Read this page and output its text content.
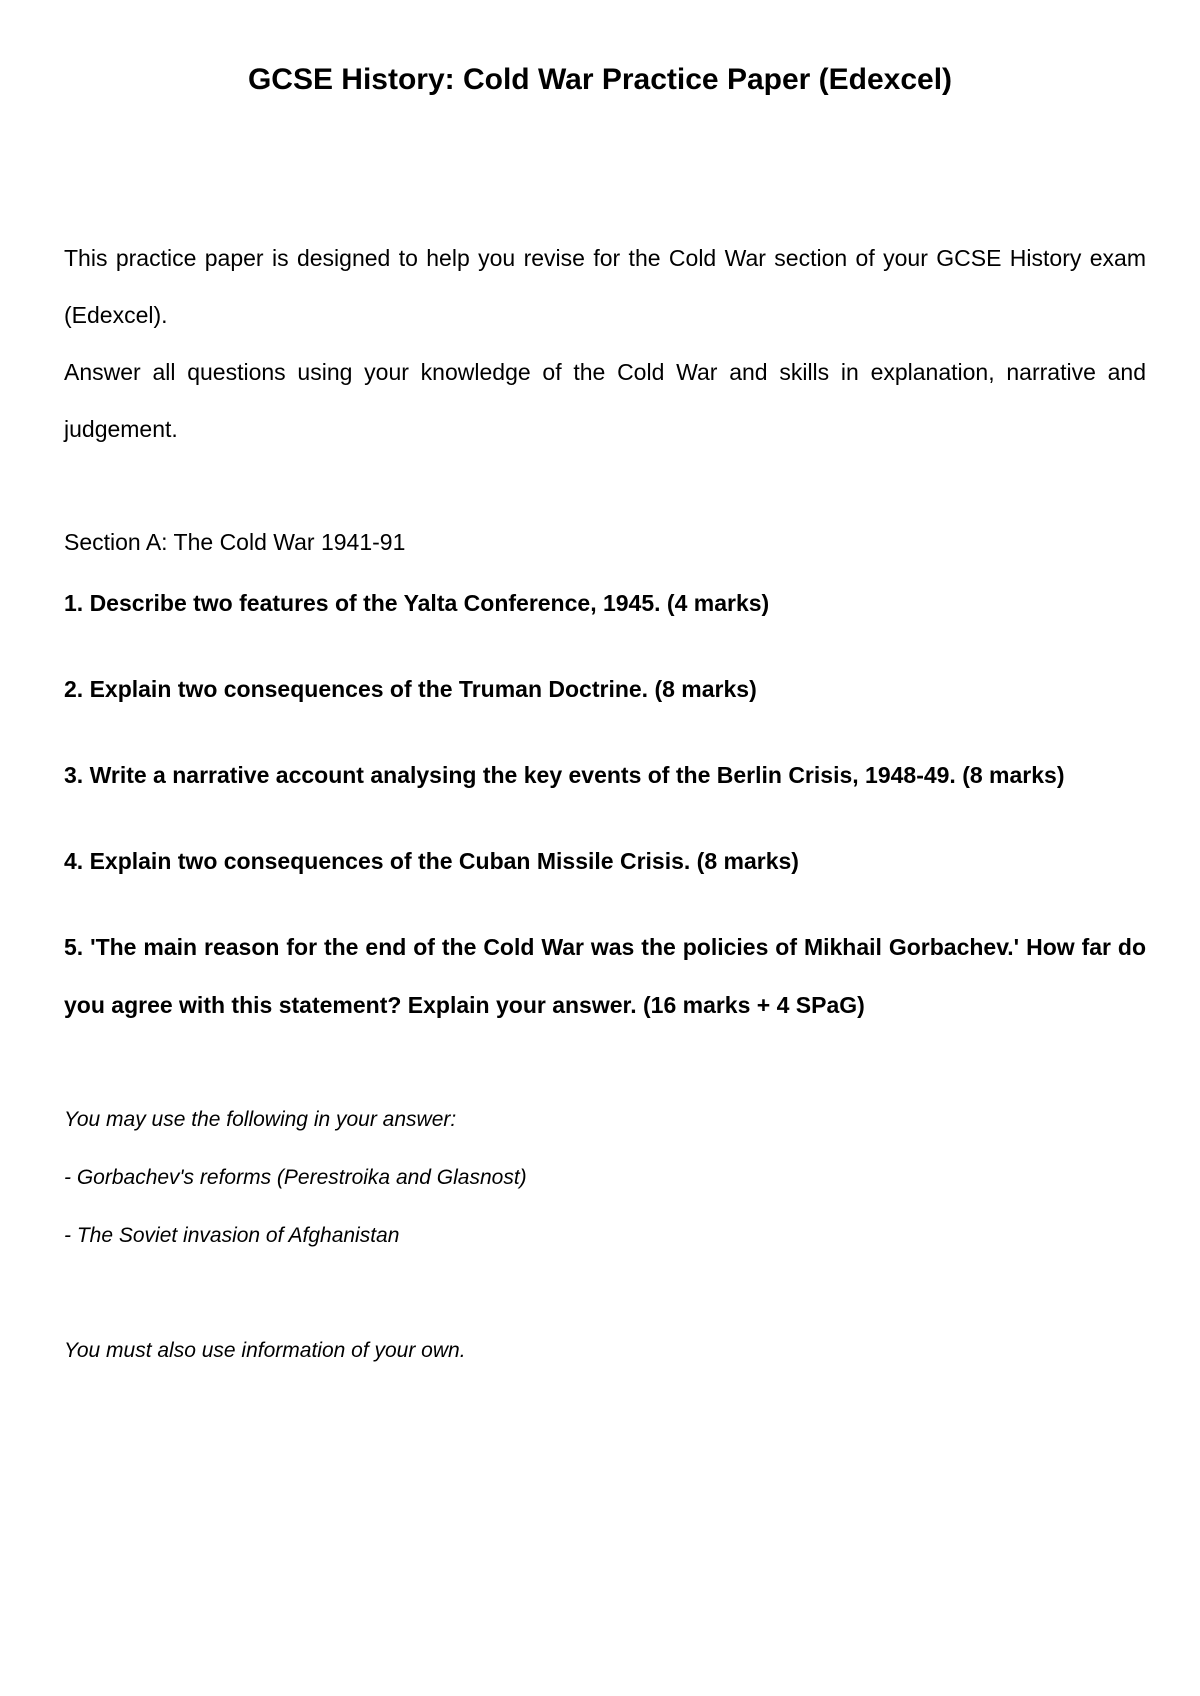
GCSE History: Cold War Practice Paper (Edexcel)

This practice paper is designed to help you revise for the Cold War section of your GCSE History exam (Edexcel).

Answer all questions using your knowledge of the Cold War and skills in explanation, narrative and judgement.

Section A: The Cold War 1941-91

1. Describe two features of the Yalta Conference, 1945. (4 marks)

2. Explain two consequences of the Truman Doctrine. (8 marks)

3. Write a narrative account analysing the key events of the Berlin Crisis, 1948-49. (8 marks)

4. Explain two consequences of the Cuban Missile Crisis. (8 marks)

5. 'The main reason for the end of the Cold War was the policies of Mikhail Gorbachev.' How far do you agree with this statement? Explain your answer. (16 marks + 4 SPaG)

You may use the following in your answer:

- Gorbachev's reforms (Perestroika and Glasnost)

- The Soviet invasion of Afghanistan

You must also use information of your own.
